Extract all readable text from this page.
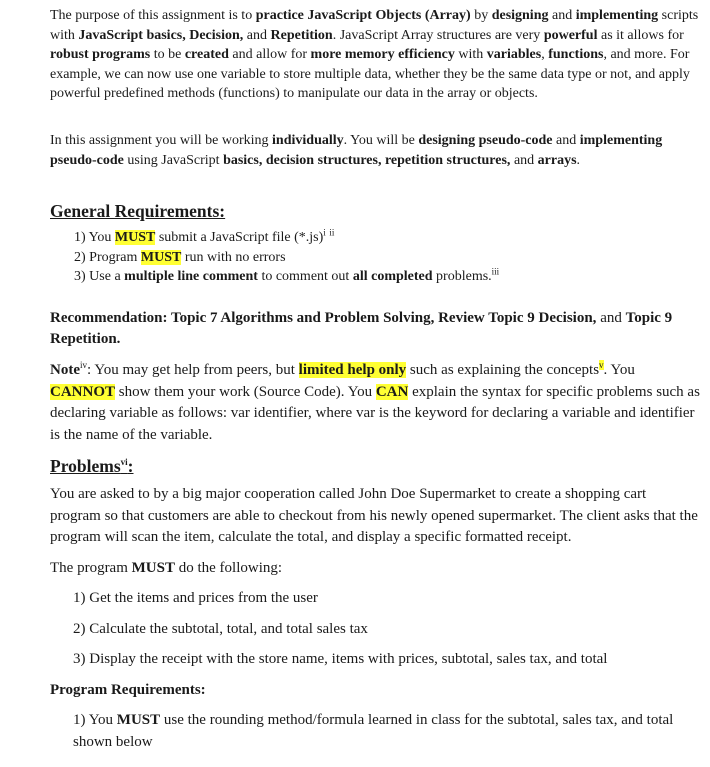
The purpose of this assignment is to practice JavaScript Objects (Array) by designing and implementing scripts with JavaScript basics, Decision, and Repetition. JavaScript Array structures are very powerful as it allows for robust programs to be created and allow for more memory efficiency with variables, functions, and more. For example, we can now use one variable to store multiple data, whether they be the same data type or not, and apply powerful predefined methods (functions) to manipulate our data in the array or objects.

In this assignment you will be working individually. You will be designing pseudo-code and implementing pseudo-code using JavaScript basics, decision structures, repetition structures, and arrays.

General Requirements:
1) You MUST submit a JavaScript file $(*.js)^i$ $^{ii}$
2) Program MUST run with no errors
3) Use a multiple line comment to comment out all completed problems.$^{iii}$

Recommendation: Topic 7 Algorithms and Problem Solving, Review Topic 9 Decision, and Topic 9 Repetition.

Note$^{iv}$: You may get help from peers, but limited help only such as explaining the concepts$^v$. You CANNOT show them your work (Source Code). You CAN explain the syntax for specific problems such as declaring variable as follows: var identifier, where var is the keyword for declaring a variable and identifier is the name of the variable.

Problems$^{vi}$:

You are asked to by a big major cooperation called John Doe Supermarket to create a shopping cart program so that customers are able to checkout from his newly opened supermarket. The client asks that the program will scan the item, calculate the total, and display a specific formatted receipt.

The program MUST do the following:

1) Get the items and prices from the user
2) Calculate the subtotal, total, and total sales tax
3) Display the receipt with the store name, items with prices, subtotal, sales tax, and total
Program Requirements:
1) You MUST use the rounding method/formula learned in class for the subtotal, sales tax, and total shown below
